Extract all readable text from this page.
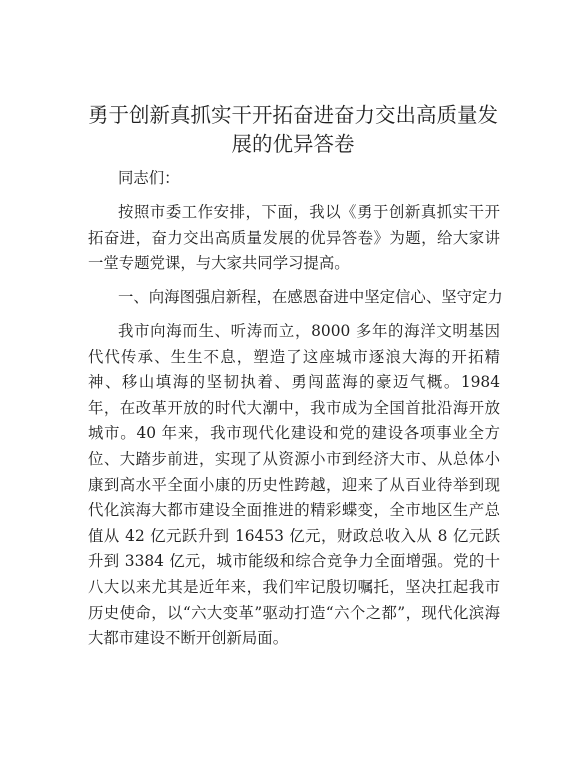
勇于创新真抓实干开拓奋进奋力交出高质量发展的优异答卷

同志们：

按照市委工作安排，下面，我以《勇于创新真抓实干开拓奋进，奋力交出高质量发展的优异答卷》为题，给大家讲一堂专题党课，与大家共同学习提高。

一、向海图强启新程，在感恩奋进中坚定信心、坚守定力

我市向海而生、听涛而立，8000 多年的海洋文明基因代代传承、生生不息，塑造了这座城市逐浪大海的开拓精神、移山填海的坚韧执着、勇闯蓝海的豪迈气概。1984 年，在改革开放的时代大潮中，我市成为全国首批沿海开放城市。40 年来，我市现代化建设和党的建设各项事业全方位、大踏步前进，实现了从资源小市到经济大市、从总体小康到高水平全面小康的历史性跨越，迎来了从百业待举到现代化滨海大都市建设全面推进的精彩蝶变，全市地区生产总值从 42 亿元跃升到 16453 亿元，财政总收入从 8 亿元跃升到 3384 亿元，城市能级和综合竞争力全面增强。党的十八大以来尤其是近年来，我们牢记殷切嘱托，坚决扛起我市历史使命，以“六大变革”驱动打造“六个之都”，现代化滨海大都市建设不断开创新局面。
